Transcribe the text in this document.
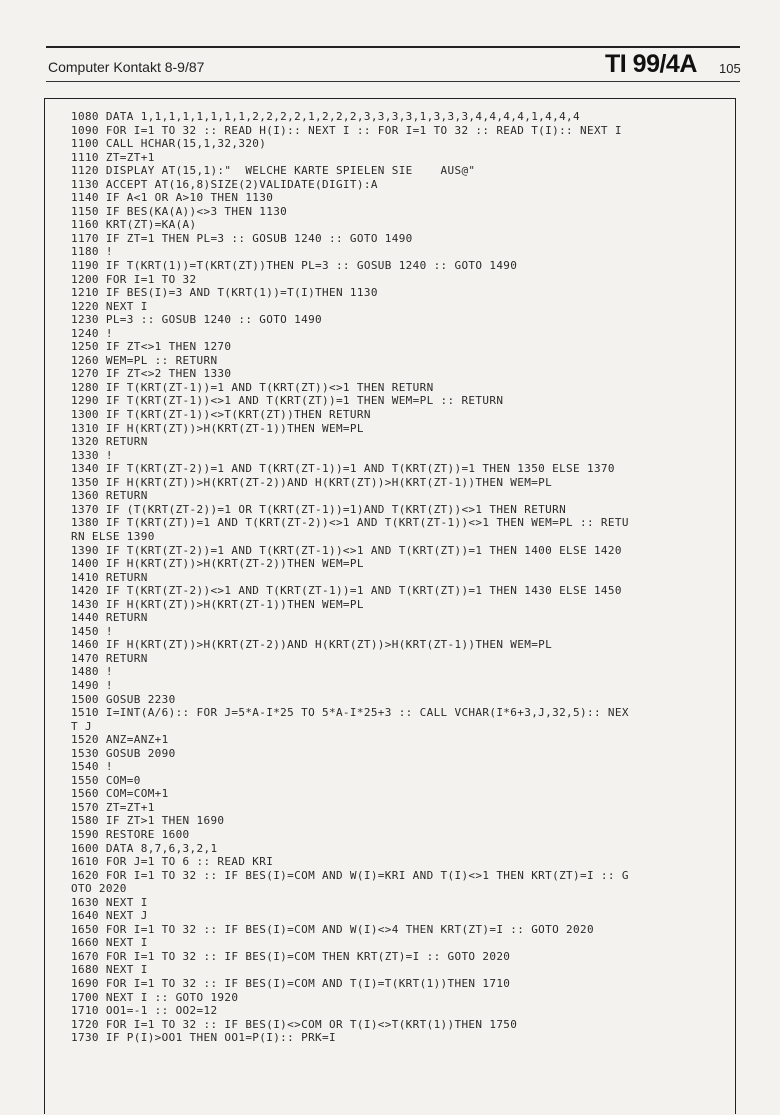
Computer Kontakt 8-9/87	TI 99/4A 105
1080 DATA 1,1,1,1,1,1,1,1,2,2,2,2,1,2,2,2,3,3,3,3,1,3,3,3,4,4,4,4,1,4,4,4
1090 FOR I=1 TO 32 :: READ H(I):: NEXT I :: FOR I=1 TO 32 :: READ T(I):: NEXT I
1100 CALL HCHAR(15,1,32,320)
1110 ZT=ZT+1
1120 DISPLAY AT(15,1):"  WELCHE KARTE SPIELEN SIE    AUS@"
1130 ACCEPT AT(16,8)SIZE(2)VALIDATE(DIGIT):A
1140 IF A<1 OR A>10 THEN 1130
1150 IF BES(KA(A))<>3 THEN 1130
1160 KRT(ZT)=KA(A)
1170 IF ZT=1 THEN PL=3 :: GOSUB 1240 :: GOTO 1490
1180 !
1190 IF T(KRT(1))=T(KRT(ZT))THEN PL=3 :: GOSUB 1240 :: GOTO 1490
1200 FOR I=1 TO 32
1210 IF BES(I)=3 AND T(KRT(1))=T(I)THEN 1130
1220 NEXT I
1230 PL=3 :: GOSUB 1240 :: GOTO 1490
1240 !
1250 IF ZT<>1 THEN 1270
1260 WEM=PL :: RETURN
1270 IF ZT<>2 THEN 1330
1280 IF T(KRT(ZT-1))=1 AND T(KRT(ZT))<>1 THEN RETURN
1290 IF T(KRT(ZT-1))<>1 AND T(KRT(ZT))=1 THEN WEM=PL :: RETURN
1300 IF T(KRT(ZT-1))<>T(KRT(ZT))THEN RETURN
1310 IF H(KRT(ZT))>H(KRT(ZT-1))THEN WEM=PL
1320 RETURN
1330 !
1340 IF T(KRT(ZT-2))=1 AND T(KRT(ZT-1))=1 AND T(KRT(ZT))=1 THEN 1350 ELSE 1370
1350 IF H(KRT(ZT))>H(KRT(ZT-2))AND H(KRT(ZT))>H(KRT(ZT-1))THEN WEM=PL
1360 RETURN
1370 IF (T(KRT(ZT-2))=1 OR T(KRT(ZT-1))=1)AND T(KRT(ZT))<>1 THEN RETURN
1380 IF T(KRT(ZT))=1 AND T(KRT(ZT-2))<>1 AND T(KRT(ZT-1))<>1 THEN WEM=PL :: RETU
RN ELSE 1390
1390 IF T(KRT(ZT-2))=1 AND T(KRT(ZT-1))<>1 AND T(KRT(ZT))=1 THEN 1400 ELSE 1420
1400 IF H(KRT(ZT))>H(KRT(ZT-2))THEN WEM=PL
1410 RETURN
1420 IF T(KRT(ZT-2))<>1 AND T(KRT(ZT-1))=1 AND T(KRT(ZT))=1 THEN 1430 ELSE 1450
1430 IF H(KRT(ZT))>H(KRT(ZT-1))THEN WEM=PL
1440 RETURN
1450 !
1460 IF H(KRT(ZT))>H(KRT(ZT-2))AND H(KRT(ZT))>H(KRT(ZT-1))THEN WEM=PL
1470 RETURN
1480 !
1490 !
1500 GOSUB 2230
1510 I=INT(A/6):: FOR J=5*A-I*25 TO 5*A-I*25+3 :: CALL VCHAR(I*6+3,J,32,5):: NEX
T J
1520 ANZ=ANZ+1
1530 GOSUB 2090
1540 !
1550 COM=0
1560 COM=COM+1
1570 ZT=ZT+1
1580 IF ZT>1 THEN 1690
1590 RESTORE 1600
1600 DATA 8,7,6,3,2,1
1610 FOR J=1 TO 6 :: READ KRI
1620 FOR I=1 TO 32 :: IF BES(I)=COM AND W(I)=KRI AND T(I)<>1 THEN KRT(ZT)=I :: G
OTO 2020
1630 NEXT I
1640 NEXT J
1650 FOR I=1 TO 32 :: IF BES(I)=COM AND W(I)<>4 THEN KRT(ZT)=I :: GOTO 2020
1660 NEXT I
1670 FOR I=1 TO 32 :: IF BES(I)=COM THEN KRT(ZT)=I :: GOTO 2020
1680 NEXT I
1690 FOR I=1 TO 32 :: IF BES(I)=COM AND T(I)=T(KRT(1))THEN 1710
1700 NEXT I :: GOTO 1920
1710 OO1=-1 :: OO2=12
1720 FOR I=1 TO 32 :: IF BES(I)<>COM OR T(I)<>T(KRT(1))THEN 1750
1730 IF P(I)>OO1 THEN OO1=P(I):: PRK=I
